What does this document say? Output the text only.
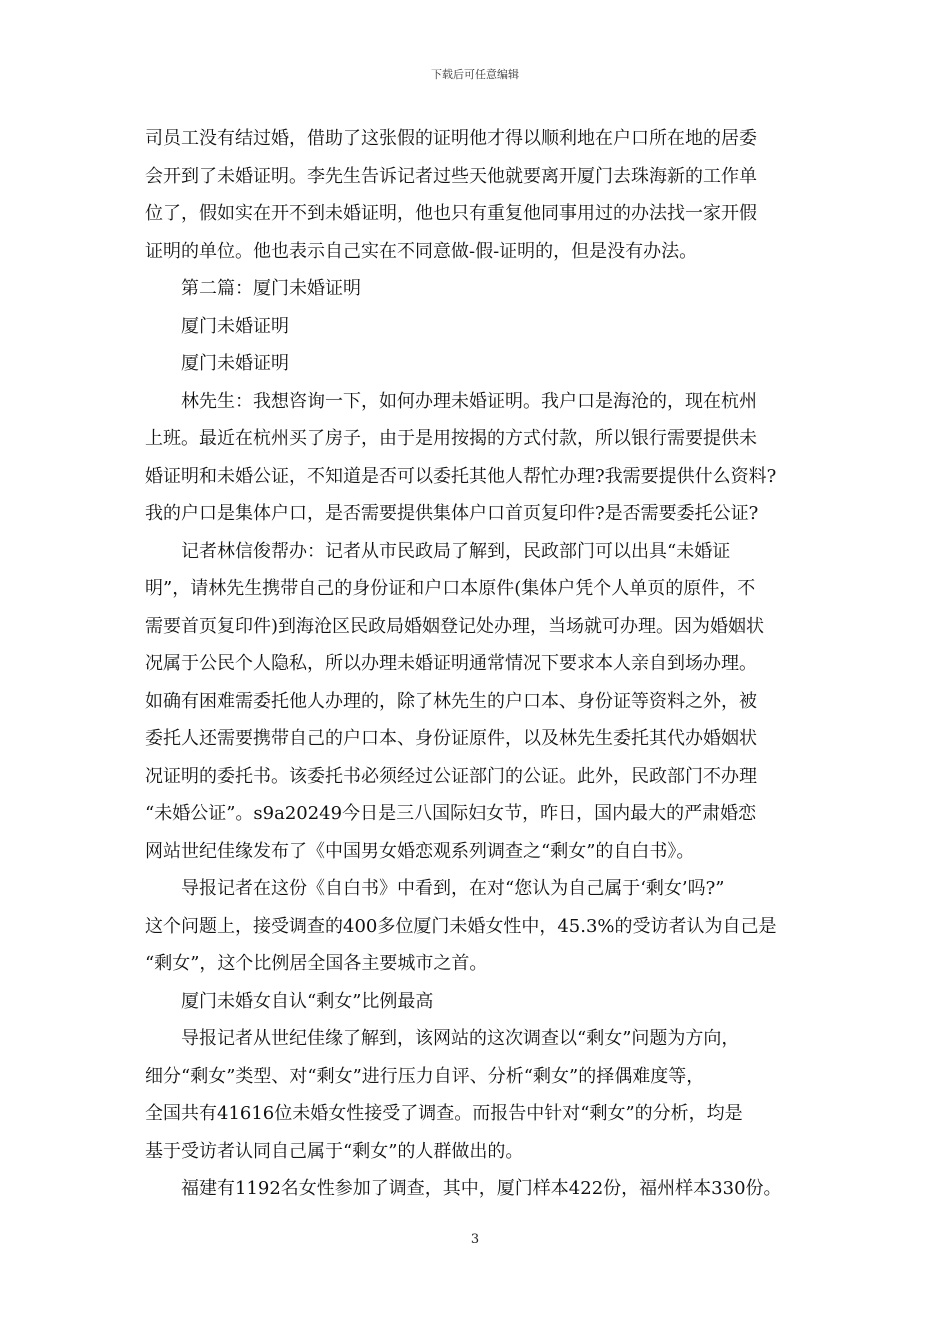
下载后可任意编辑
司员工没有结过婚，借助了这张假的证明他才得以顺利地在户口所在地的居委
会开到了未婚证明。李先生告诉记者过些天他就要离开厦门去珠海新的工作单
位了，假如实在开不到未婚证明，他也只有重复他同事用过的办法找一家开假
证明的单位。他也表示自己实在不同意做-假-证明的，但是没有办法。
第二篇：厦门未婚证明
厦门未婚证明
厦门未婚证明
林先生：我想咨询一下，如何办理未婚证明。我户口是海沧的，现在杭州
上班。最近在杭州买了房子，由于是用按揭的方式付款，所以银行需要提供未
婚证明和未婚公证，不知道是否可以委托其他人帮忙办理?我需要提供什么资料?
我的户口是集体户口，是否需要提供集体户口首页复印件?是否需要委托公证?
记者林信俊帮办：记者从市民政局了解到，民政部门可以出具“未婚证
明”，请林先生携带自己的身份证和户口本原件(集体户凭个人单页的原件，不
需要首页复印件)到海沧区民政局婚姻登记处办理，当场就可办理。因为婚姻状
况属于公民个人隐私，所以办理未婚证明通常情况下要求本人亲自到场办理。
如确有困难需委托他人办理的，除了林先生的户口本、身份证等资料之外，被
委托人还需要携带自己的户口本、身份证原件，以及林先生委托其代办婚姻状
况证明的委托书。该委托书必须经过公证部门的公证。此外，民政部门不办理
“未婚公证”。s9a20249今日是三八国际妇女节，昨日，国内最大的严肃婚恋
网站世纪佳缘发布了《中国男女婚恋观系列调查之“剩女”的自白书》。
导报记者在这份《自白书》中看到，在对“您认为自己属于‘剩女’吗?”
这个问题上，接受调查的400多位厦门未婚女性中，45.3%的受访者认为自己是
“剩女”，这个比例居全国各主要城市之首。
厦门未婚女自认“剩女”比例最高
导报记者从世纪佳缘了解到，该网站的这次调查以“剩女”问题为方向，
细分“剩女”类型、对“剩女”进行压力自评、分析“剩女”的择偶难度等，
全国共有41616位未婚女性接受了调查。而报告中针对“剩女”的分析，均是
基于受访者认同自己属于“剩女”的人群做出的。
福建有1192名女性参加了调查，其中，厦门样本422份，福州样本330份。
3
